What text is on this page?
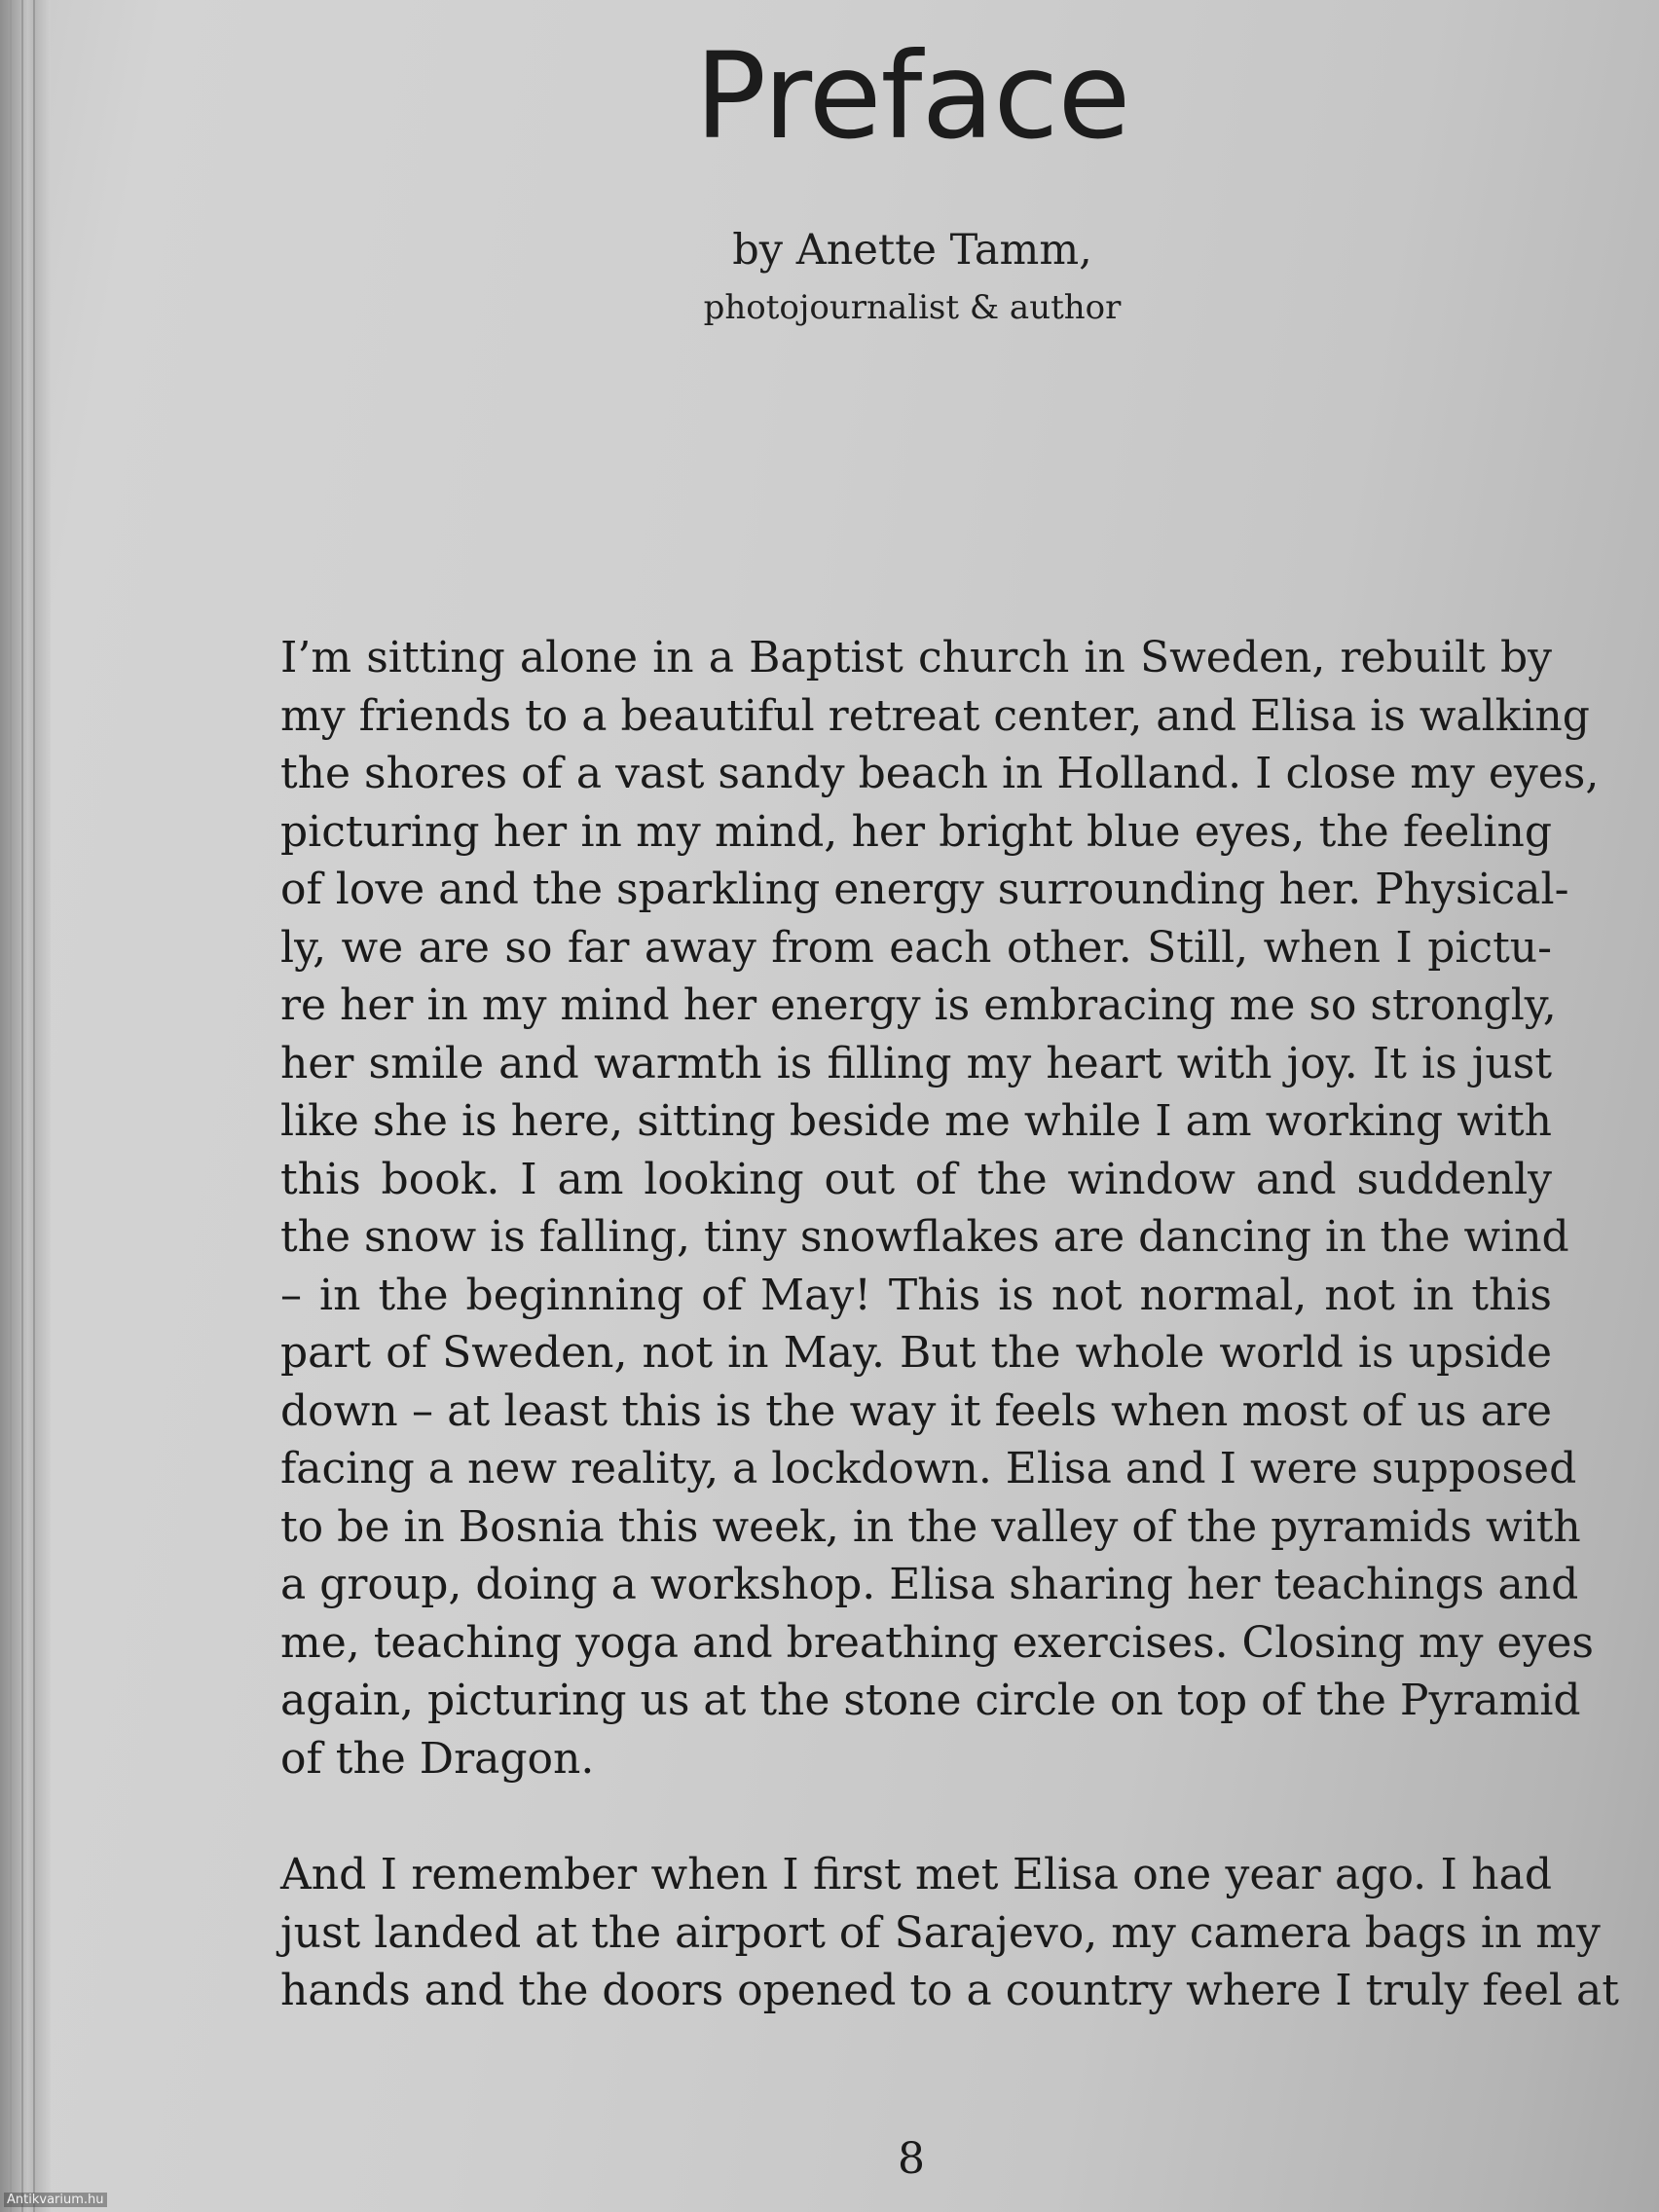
Preface
by Anette Tamm,
photojournalist & author
I’m sitting alone in a Baptist church in Sweden, rebuilt by
my friends to a beautiful retreat center, and Elisa is walking
the shores of a vast sandy beach in Holland. I close my eyes,
picturing her in my mind, her bright blue eyes, the feeling
of love and the sparkling energy surrounding her. Physical-
ly, we are so far away from each other. Still, when I pictu-
re her in my mind her energy is embracing me so strongly,
her smile and warmth is filling my heart with joy. It is just
like she is here, sitting beside me while I am working with
this book. I am looking out of the window and suddenly
the snow is falling, tiny snowflakes are dancing in the wind
– in the beginning of May! This is not normal, not in this
part of Sweden, not in May. But the whole world is upside
down – at least this is the way it feels when most of us are
facing a new reality, a lockdown. Elisa and I were supposed
to be in Bosnia this week, in the valley of the pyramids with
a group, doing a workshop. Elisa sharing her teachings and
me, teaching yoga and breathing exercises. Closing my eyes
again, picturing us at the stone circle on top of the Pyramid
of the Dragon.
And I remember when I first met Elisa one year ago. I had
just landed at the airport of Sarajevo, my camera bags in my
hands and the doors opened to a country where I truly feel at
8
Antikvarium.hu
